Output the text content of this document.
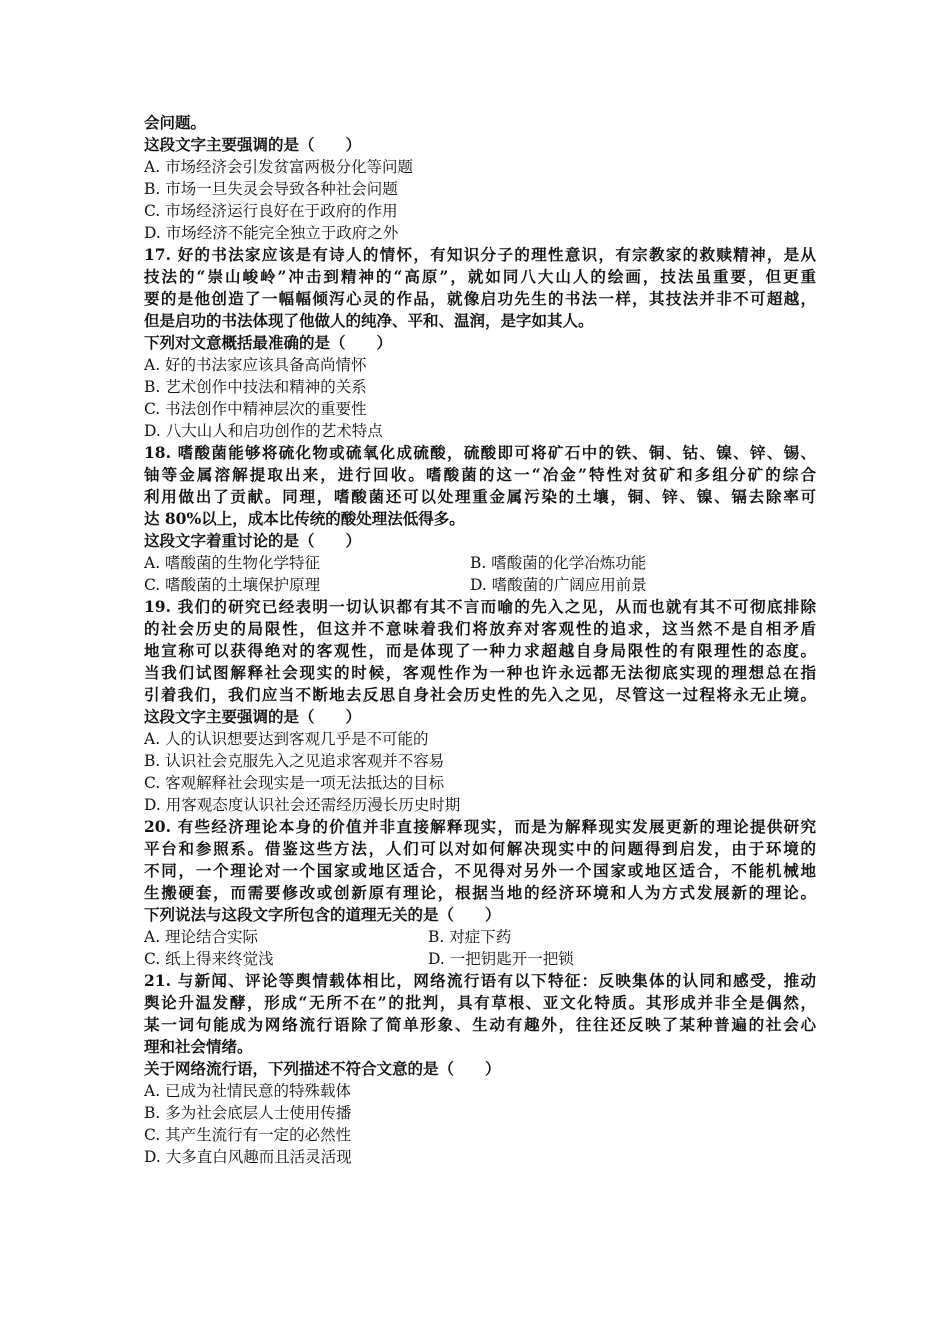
会问题。
这段文字主要强调的是（　　）
A. 市场经济会引发贫富两极分化等问题
B. 市场一旦失灵会导致各种社会问题
C. 市场经济运行良好在于政府的作用
D. 市场经济不能完全独立于政府之外
17. 好的书法家应该是有诗人的情怀，有知识分子的理性意识，有宗教家的救赎精神，是从
技法的“崇山峻岭”冲击到精神的“高原”，就如同八大山人的绘画，技法虽重要，但更重
要的是他创造了一幅幅倾泻心灵的作品，就像启功先生的书法一样，其技法并非不可超越，
但是启功的书法体现了他做人的纯净、平和、温润，是字如其人。
下列对文意概括最准确的是（　　）
A. 好的书法家应该具备高尚情怀
B. 艺术创作中技法和精神的关系
C. 书法创作中精神层次的重要性
D. 八大山人和启功创作的艺术特点
18. 嗜酸菌能够将硫化物或硫氧化成硫酸，硫酸即可将矿石中的铁、铜、钴、镍、锌、锡、
铀等金属溶解提取出来，进行回收。嗜酸菌的这一“冶金”特性对贫矿和多组分矿的综合
利用做出了贡献。同理，嗜酸菌还可以处理重金属污染的土壤，铜、锌、镍、镉去除率可
达 80%以上，成本比传统的酸处理法低得多。
这段文字着重讨论的是（　　）
A. 嗜酸菌的生物化学特征	B. 嗜酸菌的化学冶炼功能
C. 嗜酸菌的土壤保护原理	D. 嗜酸菌的广阔应用前景
19. 我们的研究已经表明一切认识都有其不言而喻的先入之见，从而也就有其不可彻底排除
的社会历史的局限性，但这并不意味着我们将放弃对客观性的追求，这当然不是自相矛盾
地宣称可以获得绝对的客观性，而是体现了一种力求超越自身局限性的有限理性的态度。
当我们试图解释社会现实的时候，客观性作为一种也许永远都无法彻底实现的理想总在指
引着我们，我们应当不断地去反思自身社会历史性的先入之见，尽管这一过程将永无止境。
这段文字主要强调的是（　　）
A. 人的认识想要达到客观几乎是不可能的
B. 认识社会克服先入之见追求客观并不容易
C. 客观解释社会现实是一项无法抵达的目标
D. 用客观态度认识社会还需经历漫长历史时期
20. 有些经济理论本身的价值并非直接解释现实，而是为解释现实发展更新的理论提供研究
平台和参照系。借鉴这些方法，人们可以对如何解决现实中的问题得到启发，由于环境的
不同，一个理论对一个国家或地区适合，不见得对另外一个国家或地区适合，不能机械地
生搬硬套，而需要修改或创新原有理论，根据当地的经济环境和人为方式发展新的理论。
下列说法与这段文字所包含的道理无关的是（　　）
A. 理论结合实际	B. 对症下药
C. 纸上得来终觉浅	D. 一把钥匙开一把锁
21. 与新闻、评论等舆情载体相比，网络流行语有以下特征：反映集体的认同和感受，推动
舆论升温发酵，形成“无所不在”的批判，具有草根、亚文化特质。其形成并非全是偶然，
某一词句能成为网络流行语除了简单形象、生动有趣外，往往还反映了某种普遍的社会心
理和社会情绪。
关于网络流行语，下列描述不符合文意的是（　　）
A. 已成为社情民意的特殊载体
B. 多为社会底层人士使用传播
C. 其产生流行有一定的必然性
D. 大多直白风趣而且活灵活现
